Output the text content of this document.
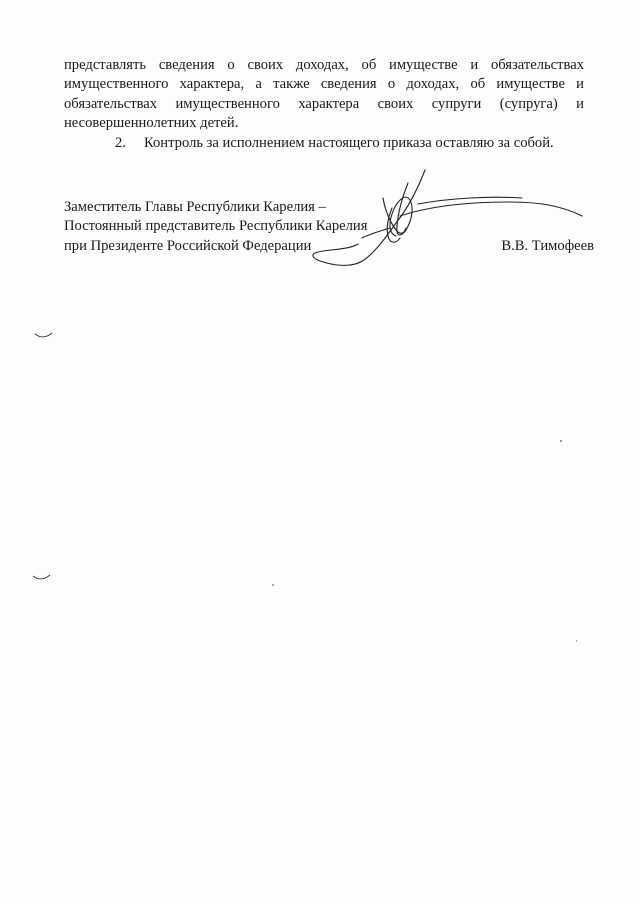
представлять сведения о своих доходах, об имуществе и обязательствах
имущественного характера, а также сведения о доходах, об имуществе и
обязательствах имущественного характера своих супруги (супруга) и
несовершеннолетних детей.

2.	Контроль за исполнением настоящего приказа оставляю за собой.

Заместитель Главы Республики Карелия –
Постоянный представитель Республики Карелия
при Президенте Российской Федерации	В.В. Тимофеев
